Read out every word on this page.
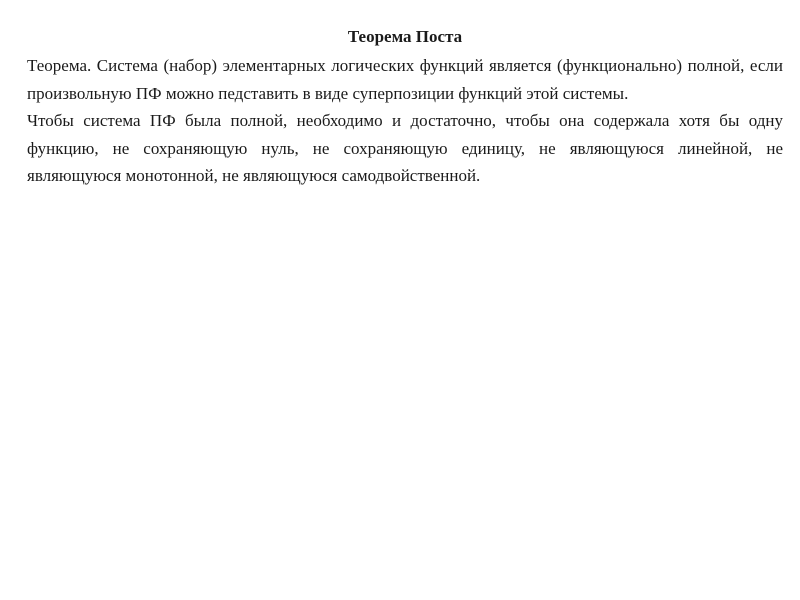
Теорема Поста

Теорема. Система (набор) элементарных логических функций является (функционально) полной, если произвольную ПФ можно педставить в виде суперпозиции функций этой системы.

Чтобы система ПФ была полной, необходимо и достаточно, чтобы она содержала хотя бы одну функцию, не сохраняющую нуль, не сохраняющую единицу, не являющуюся линейной, не являющуюся монотонной, не являющуюся самодвойственной.
